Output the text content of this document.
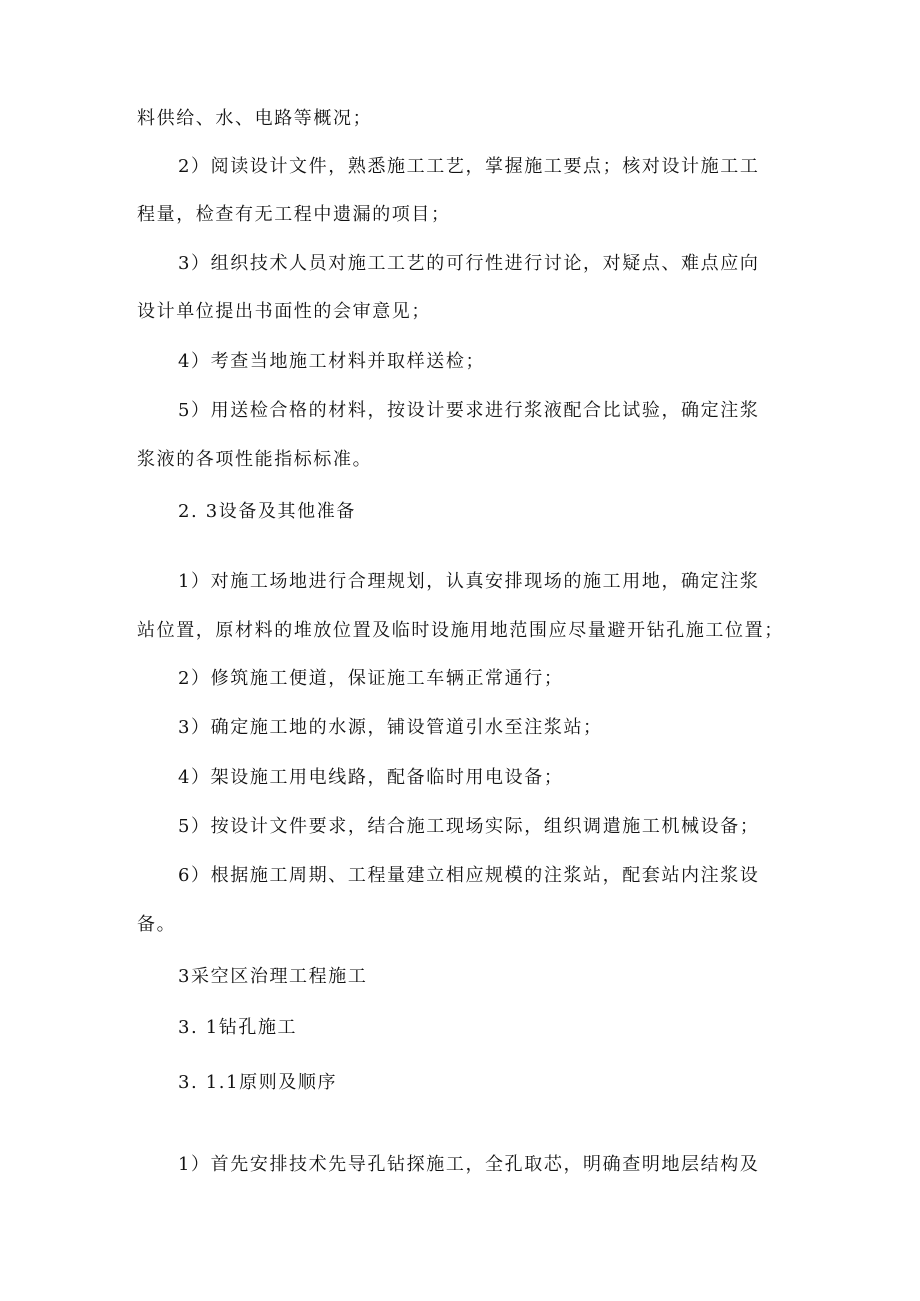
料供给、水、电路等概况；
2）阅读设计文件，熟悉施工工艺，掌握施工要点；核对设计施工工
程量，检查有无工程中遗漏的项目；
3）组织技术人员对施工工艺的可行性进行讨论，对疑点、难点应向
设计单位提出书面性的会审意见；
4）考查当地施工材料并取样送检；
5）用送检合格的材料，按设计要求进行浆液配合比试验，确定注浆
浆液的各项性能指标标准。
2. 3设备及其他准备
1）对施工场地进行合理规划，认真安排现场的施工用地，确定注浆
站位置，原材料的堆放位置及临时设施用地范围应尽量避开钻孔施工位置；
2）修筑施工便道，保证施工车辆正常通行；
3）确定施工地的水源，铺设管道引水至注浆站；
4）架设施工用电线路，配备临时用电设备；
5）按设计文件要求，结合施工现场实际，组织调遣施工机械设备；
6）根据施工周期、工程量建立相应规模的注浆站，配套站内注浆设
备。
3采空区治理工程施工
3. 1钻孔施工
3. 1.1原则及顺序
1）首先安排技术先导孔钻探施工，全孔取芯，明确查明地层结构及
